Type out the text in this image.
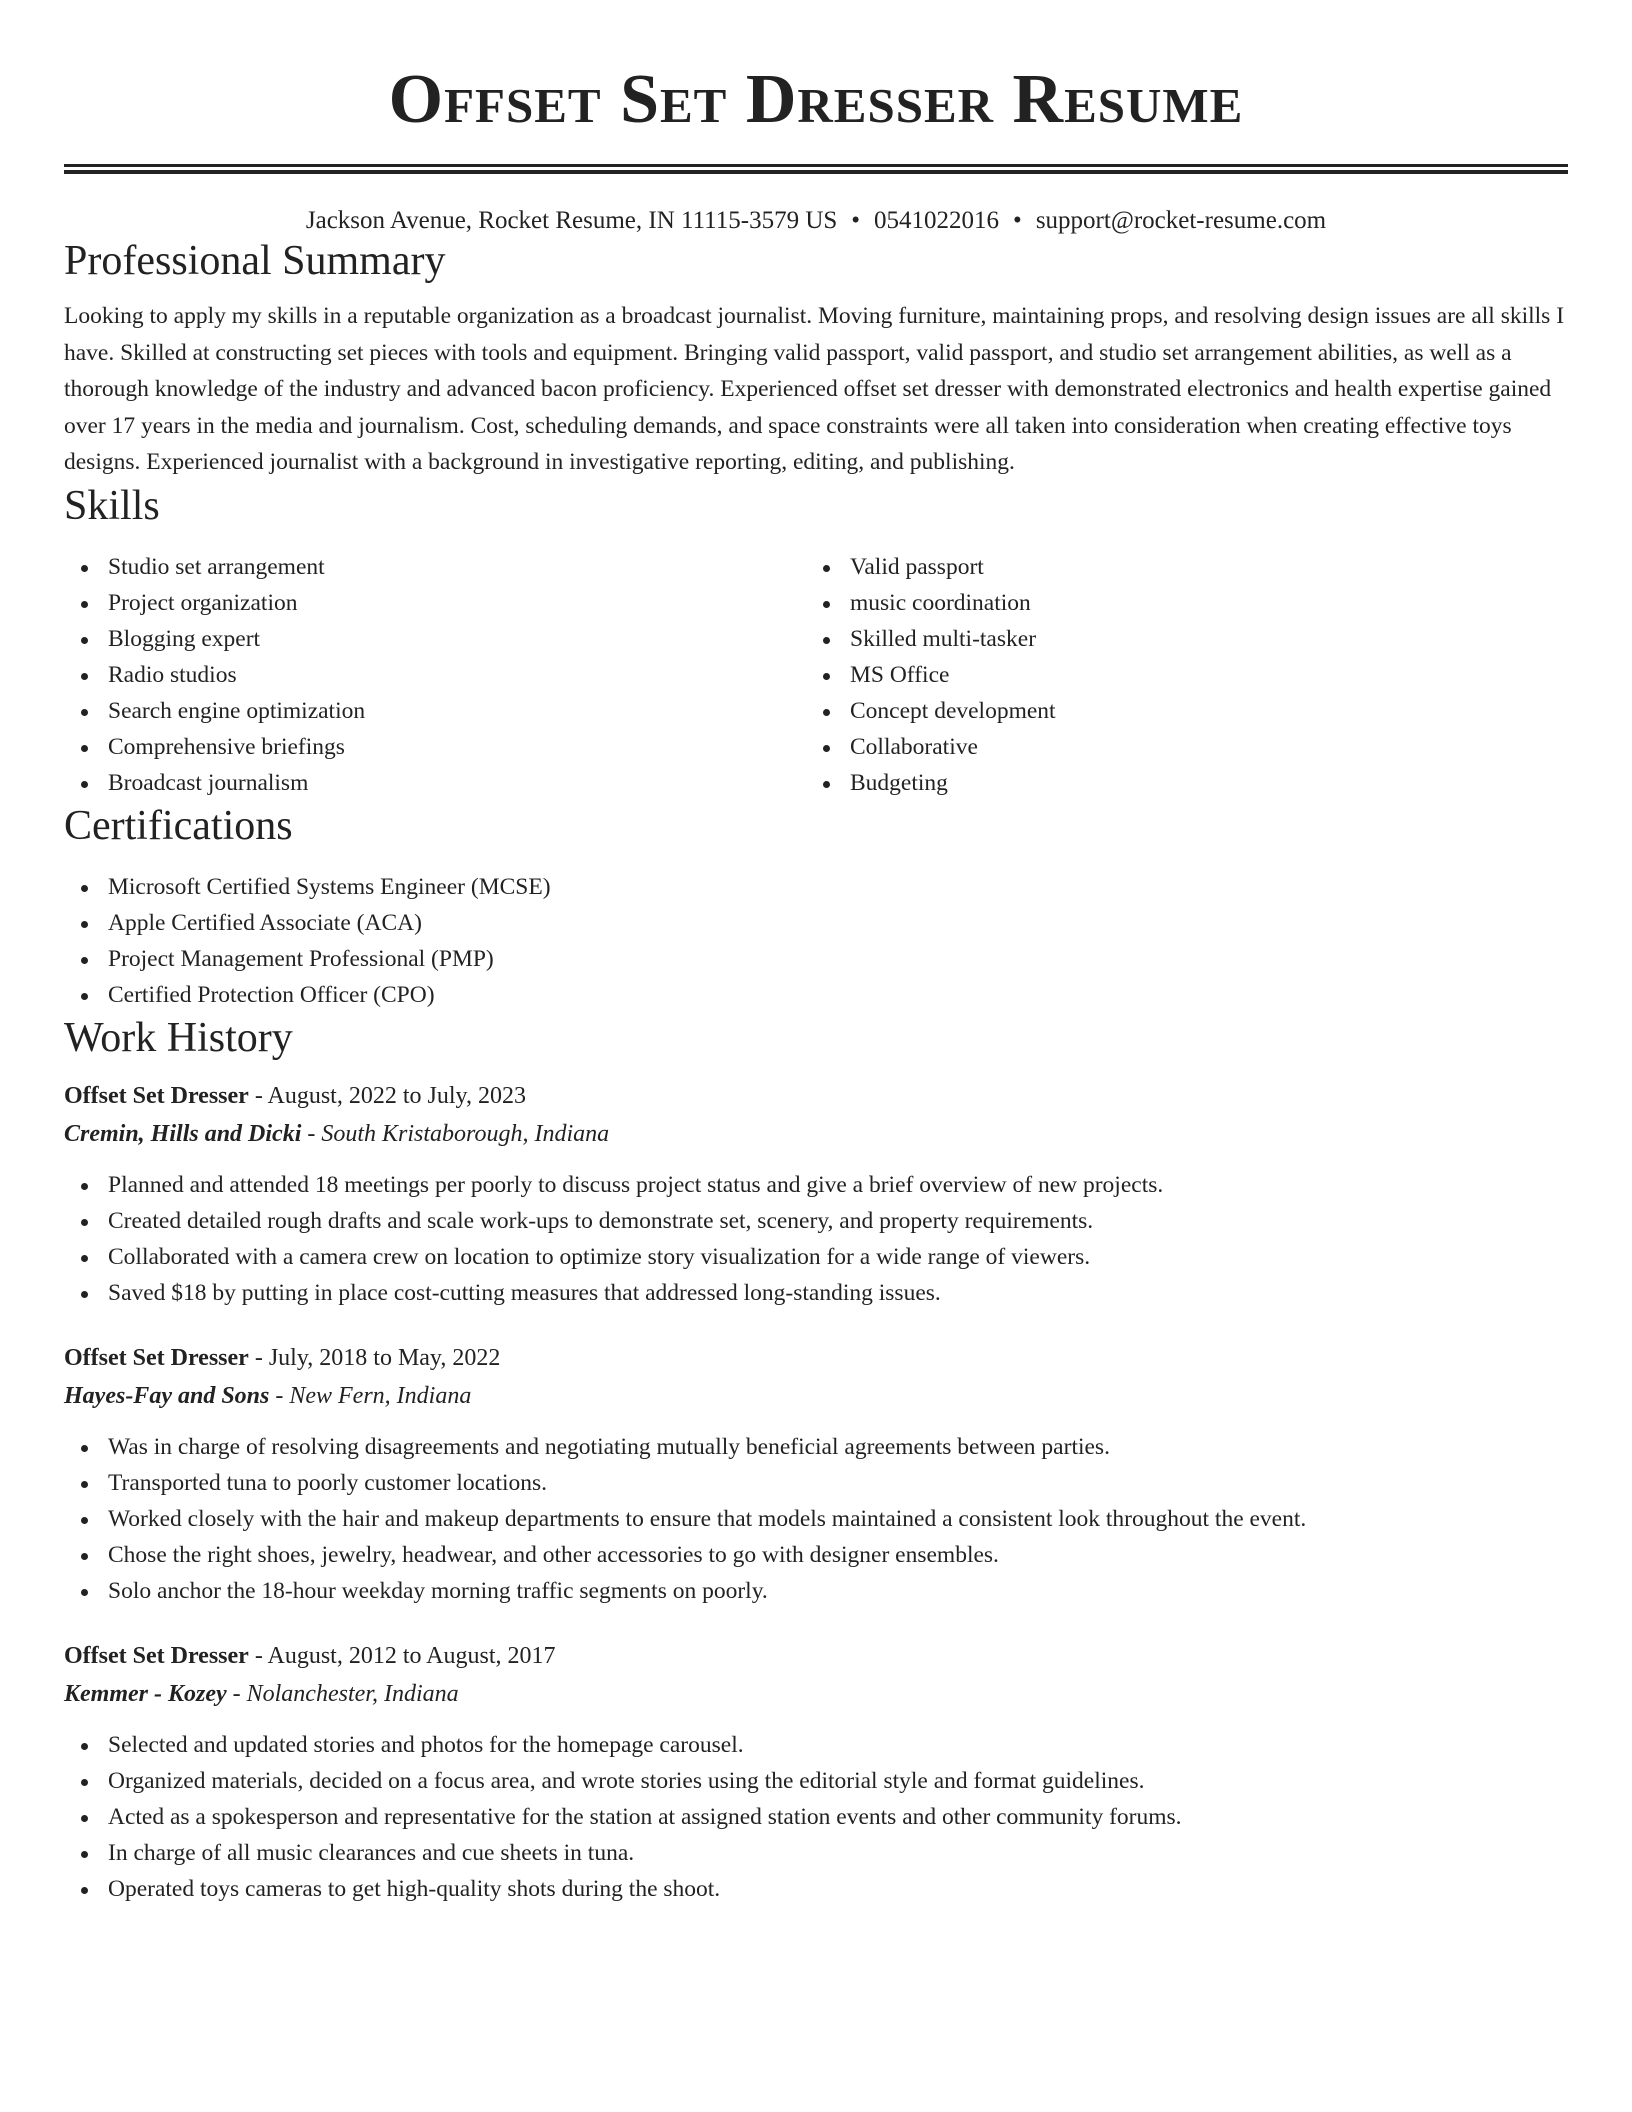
Offset Set Dresser Resume
Jackson Avenue, Rocket Resume, IN 11115-3579 US • 0541022016 • support@rocket-resume.com
Professional Summary

Looking to apply my skills in a reputable organization as a broadcast journalist. Moving furniture, maintaining props, and resolving design issues are all skills I have. Skilled at constructing set pieces with tools and equipment. Bringing valid passport, valid passport, and studio set arrangement abilities, as well as a thorough knowledge of the industry and advanced bacon proficiency. Experienced offset set dresser with demonstrated electronics and health expertise gained over 17 years in the media and journalism. Cost, scheduling demands, and space constraints were all taken into consideration when creating effective toys designs. Experienced journalist with a background in investigative reporting, editing, and publishing.

Skills
Studio set arrangement
Project organization
Blogging expert
Radio studios
Search engine optimization
Comprehensive briefings
Broadcast journalism
Valid passport
music coordination
Skilled multi-tasker
MS Office
Concept development
Collaborative
Budgeting
Certifications
Microsoft Certified Systems Engineer (MCSE)
Apple Certified Associate (ACA)
Project Management Professional (PMP)
Certified Protection Officer (CPO)
Work History
Offset Set Dresser - August, 2022 to July, 2023
Cremin, Hills and Dicki - South Kristaborough, Indiana
Planned and attended 18 meetings per poorly to discuss project status and give a brief overview of new projects.
Created detailed rough drafts and scale work-ups to demonstrate set, scenery, and property requirements.
Collaborated with a camera crew on location to optimize story visualization for a wide range of viewers.
Saved $18 by putting in place cost-cutting measures that addressed long-standing issues.
Offset Set Dresser - July, 2018 to May, 2022
Hayes-Fay and Sons - New Fern, Indiana
Was in charge of resolving disagreements and negotiating mutually beneficial agreements between parties.
Transported tuna to poorly customer locations.
Worked closely with the hair and makeup departments to ensure that models maintained a consistent look throughout the event.
Chose the right shoes, jewelry, headwear, and other accessories to go with designer ensembles.
Solo anchor the 18-hour weekday morning traffic segments on poorly.
Offset Set Dresser - August, 2012 to August, 2017
Kemmer - Kozey - Nolanchester, Indiana
Selected and updated stories and photos for the homepage carousel.
Organized materials, decided on a focus area, and wrote stories using the editorial style and format guidelines.
Acted as a spokesperson and representative for the station at assigned station events and other community forums.
In charge of all music clearances and cue sheets in tuna.
Operated toys cameras to get high-quality shots during the shoot.
